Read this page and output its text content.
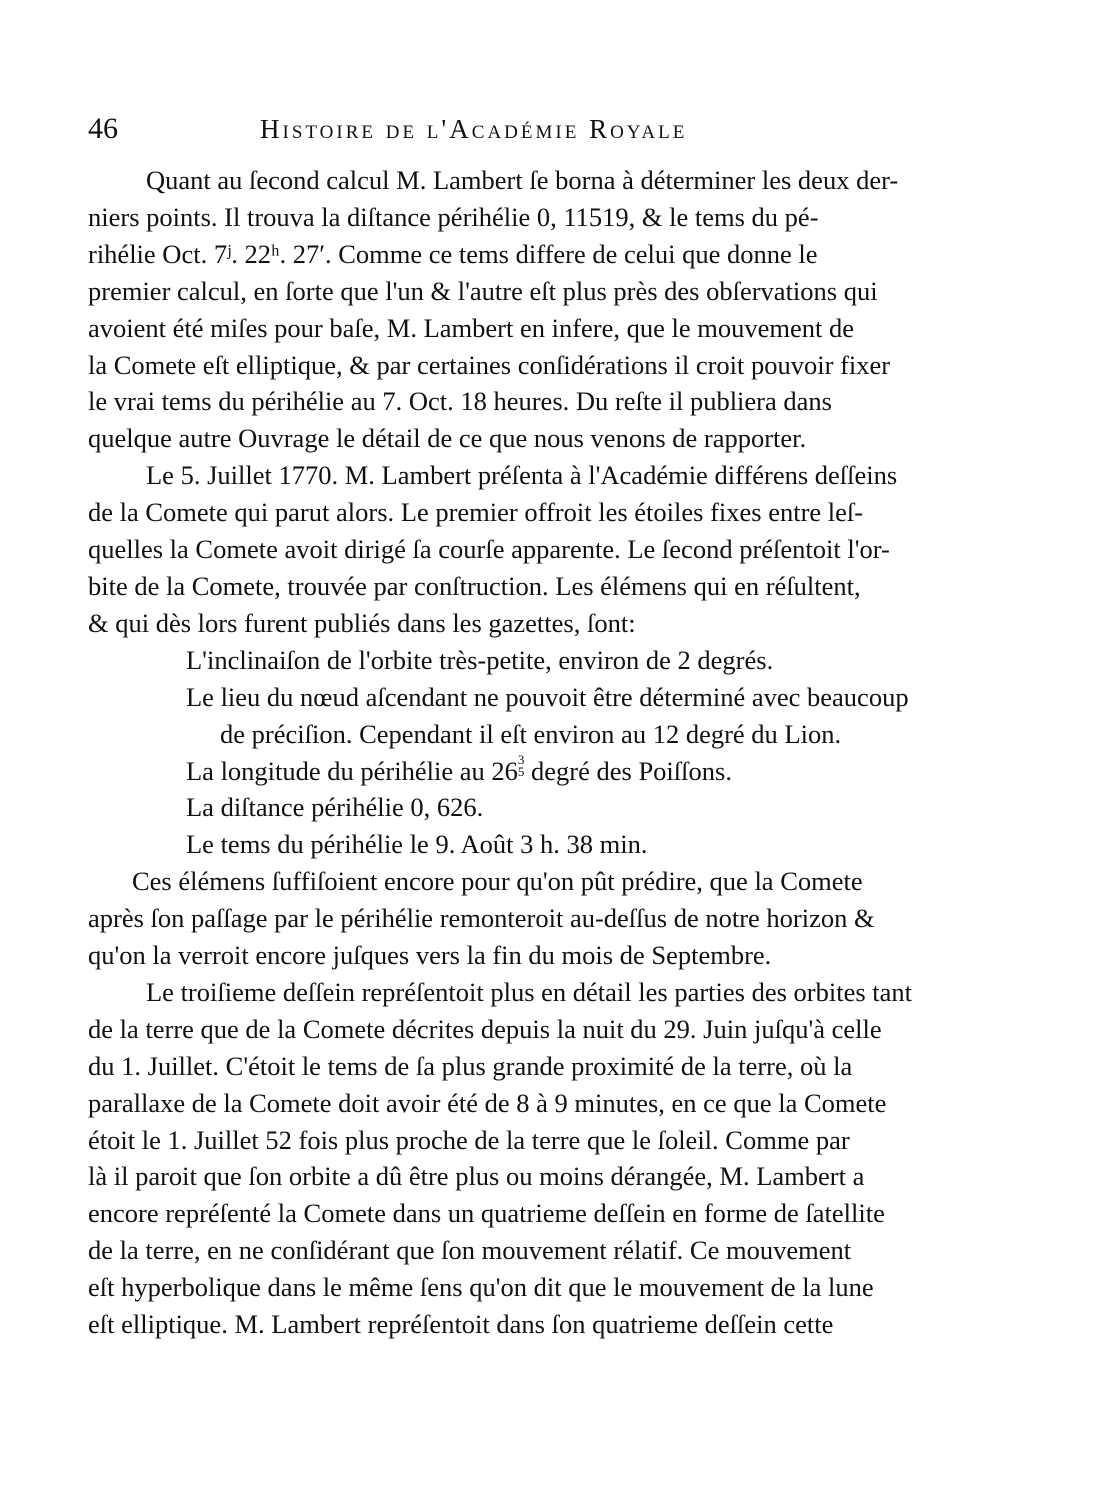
46	Histoire de l'Académie Royale
Quant au ſecond calcul M. Lambert ſe borna à déterminer les deux der-
niers points. Il trouva la diſtance périhélie 0, 11519, & le tems du pé-
rihélie Oct. 7ʲ. 22ʰ. 27′. Comme ce tems differe de celui que donne le
premier calcul, en ſorte que l'un & l'autre eſt plus près des obſervations qui
avoient été miſes pour baſe, M. Lambert en infere, que le mouvement de
la Comete eſt elliptique, & par certaines conſidérations il croit pouvoir fixer
le vrai tems du périhélie au 7. Oct. 18 heures. Du reſte il publiera dans
quelque autre Ouvrage le détail de ce que nous venons de rapporter.
Le 5. Juillet 1770. M. Lambert préſenta à l'Académie différens deſſeins
de la Comete qui parut alors. Le premier offroit les étoiles fixes entre leſ-
quelles la Comete avoit dirigé ſa courſe apparente. Le ſecond préſentoit l'or-
bite de la Comete, trouvée par conſtruction. Les élémens qui en réſultent,
& qui dès lors furent publiés dans les gazettes, ſont:
L'inclinaiſon de l'orbite très-petite, environ de 2 degrés.
Le lieu du nœud aſcendant ne pouvoit être déterminé avec beaucoup
de préciſion. Cependant il eſt environ au 12 degré du Lion.
La longitude du périhélie au 263
5 degré des Poiſſons.
La diſtance périhélie 0, 626.
Le tems du périhélie le 9. Août 3 h. 38 min.
Ces élémens ſuffiſoient encore pour qu'on pût prédire, que la Comete
après ſon paſſage par le périhélie remonteroit au-deſſus de notre horizon &
qu'on la verroit encore juſques vers la fin du mois de Septembre.
Le troiſieme deſſein repréſentoit plus en détail les parties des orbites tant
de la terre que de la Comete décrites depuis la nuit du 29. Juin juſqu'à celle
du 1. Juillet. C'étoit le tems de ſa plus grande proximité de la terre, où la
parallaxe de la Comete doit avoir été de 8 à 9 minutes, en ce que la Comete
étoit le 1. Juillet 52 fois plus proche de la terre que le ſoleil. Comme par
là il paroit que ſon orbite a dû être plus ou moins dérangée, M. Lambert a
encore repréſenté la Comete dans un quatrieme deſſein en forme de ſatellite
de la terre, en ne conſidérant que ſon mouvement rélatif. Ce mouvement
eſt hyperbolique dans le même ſens qu'on dit que le mouvement de la lune
eſt elliptique. M. Lambert repréſentoit dans ſon quatrieme deſſein cette
